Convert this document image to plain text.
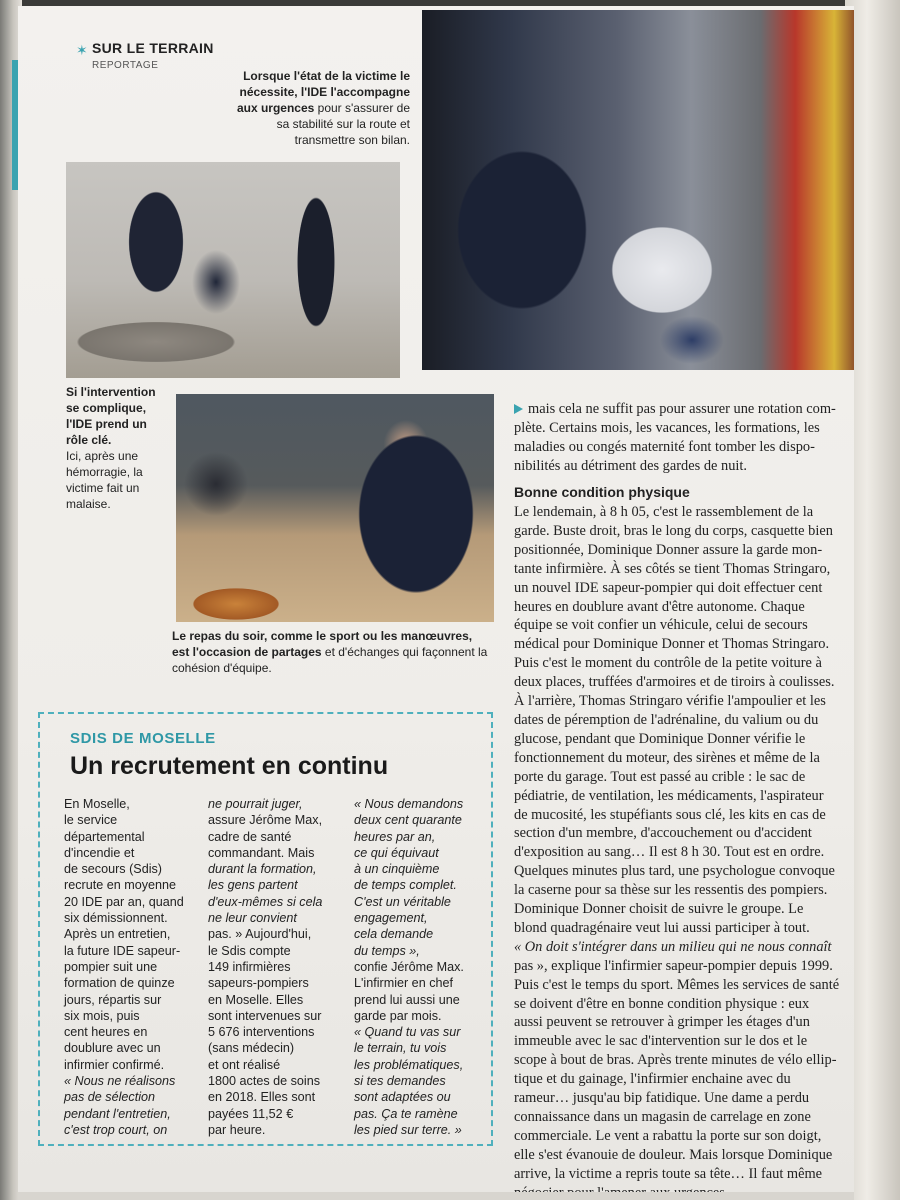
✶ SUR LE TERRAIN
REPORTAGE
Lorsque l'état de la victime le nécessite, l'IDE l'accompagne aux urgences pour s'assurer de sa stabilité sur la route et transmettre son bilan.
Si l'intervention se complique, l'IDE prend un rôle clé.
Ici, après une hémorragie, la victime fait un malaise.
Le repas du soir, comme le sport ou les manœuvres, est l'occasion de partages et d'échanges qui façonnent la cohésion d'équipe.

mais cela ne suffit pas pour assurer une rotation com-

plète. Certains mois, les vacances, les formations, les

maladies ou congés maternité font tomber les dispo-

nibilités au détriment des gardes de nuit.

Bonne condition physique

Le lendemain, à 8 h 05, c'est le rassemblement de la

garde. Buste droit, bras le long du corps, casquette bien

positionnée, Dominique Donner assure la garde mon-

tante infirmière. À ses côtés se tient Thomas Stringaro,

un nouvel IDE sapeur-pompier qui doit effectuer cent

heures en doublure avant d'être autonome. Chaque

équipe se voit confier un véhicule, celui de secours

médical pour Dominique Donner et Thomas Stringaro.

Puis c'est le moment du contrôle de la petite voiture à

deux places, truffées d'armoires et de tiroirs à coulisses.

À l'arrière, Thomas Stringaro vérifie l'ampoulier et les

dates de péremption de l'adrénaline, du valium ou du

glucose, pendant que Dominique Donner vérifie le

fonctionnement du moteur, des sirènes et même de la

porte du garage. Tout est passé au crible : le sac de

pédiatrie, de ventilation, les médicaments, l'aspirateur

de mucosité, les stupéfiants sous clé, les kits en cas de

section d'un membre, d'accouchement ou d'accident

d'exposition au sang… Il est 8 h 30. Tout est en ordre.

Quelques minutes plus tard, une psychologue convoque

la caserne pour sa thèse sur les ressentis des pompiers.

Dominique Donner choisit de suivre le groupe. Le

blond quadragénaire veut lui aussi participer à tout.

« On doit s'intégrer dans un milieu qui ne nous connaît

pas », explique l'infirmier sapeur-pompier depuis 1999.

Puis c'est le temps du sport. Mêmes les services de santé

se doivent d'être en bonne condition physique : eux

aussi peuvent se retrouver à grimper les étages d'un

immeuble avec le sac d'intervention sur le dos et le

scope à bout de bras. Après trente minutes de vélo ellip-

tique et du gainage, l'infirmier enchaine avec du

rameur… jusqu'au bip fatidique. Une dame a perdu

connaissance dans un magasin de carrelage en zone

commerciale. Le vent a rabattu la porte sur son doigt,

elle s'est évanouie de douleur. Mais lorsque Dominique

arrive, la victime a repris toute sa tête… Il faut même

SDIS DE MOSELLE
Un recrutement en continu
En Moselle,
le service
départemental
d'incendie et
de secours (Sdis)
recrute en moyenne
20 IDE par an, quand
six démissionnent.
Après un entretien,
la future IDE sapeur-
pompier suit une
formation de quinze
jours, répartis sur
six mois, puis
cent heures en
doublure avec un
infirmier confirmé.
« Nous ne réalisons
pas de sélection
pendant l'entretien,
c'est trop court, on
ne pourrait juger,
assure Jérôme Max,
cadre de santé
commandant. Mais
durant la formation,
les gens partent
d'eux-mêmes si cela
ne leur convient
pas. » Aujourd'hui,
le Sdis compte
149 infirmières
sapeurs-pompiers
en Moselle. Elles
sont intervenues sur
5 676 interventions
(sans médecin)
et ont réalisé
1800 actes de soins
en 2018. Elles sont
payées 11,52 €
par heure.
« Nous demandons
deux cent quarante
heures par an,
ce qui équivaut
à un cinquième
de temps complet.
C'est un véritable
engagement,
cela demande
du temps »,
confie Jérôme Max.
L'infirmier en chef
prend lui aussi une
garde par mois.
« Quand tu vas sur
le terrain, tu vois
les problématiques,
si tes demandes
sont adaptées ou
pas. Ça te ramène
les pied sur terre. »
